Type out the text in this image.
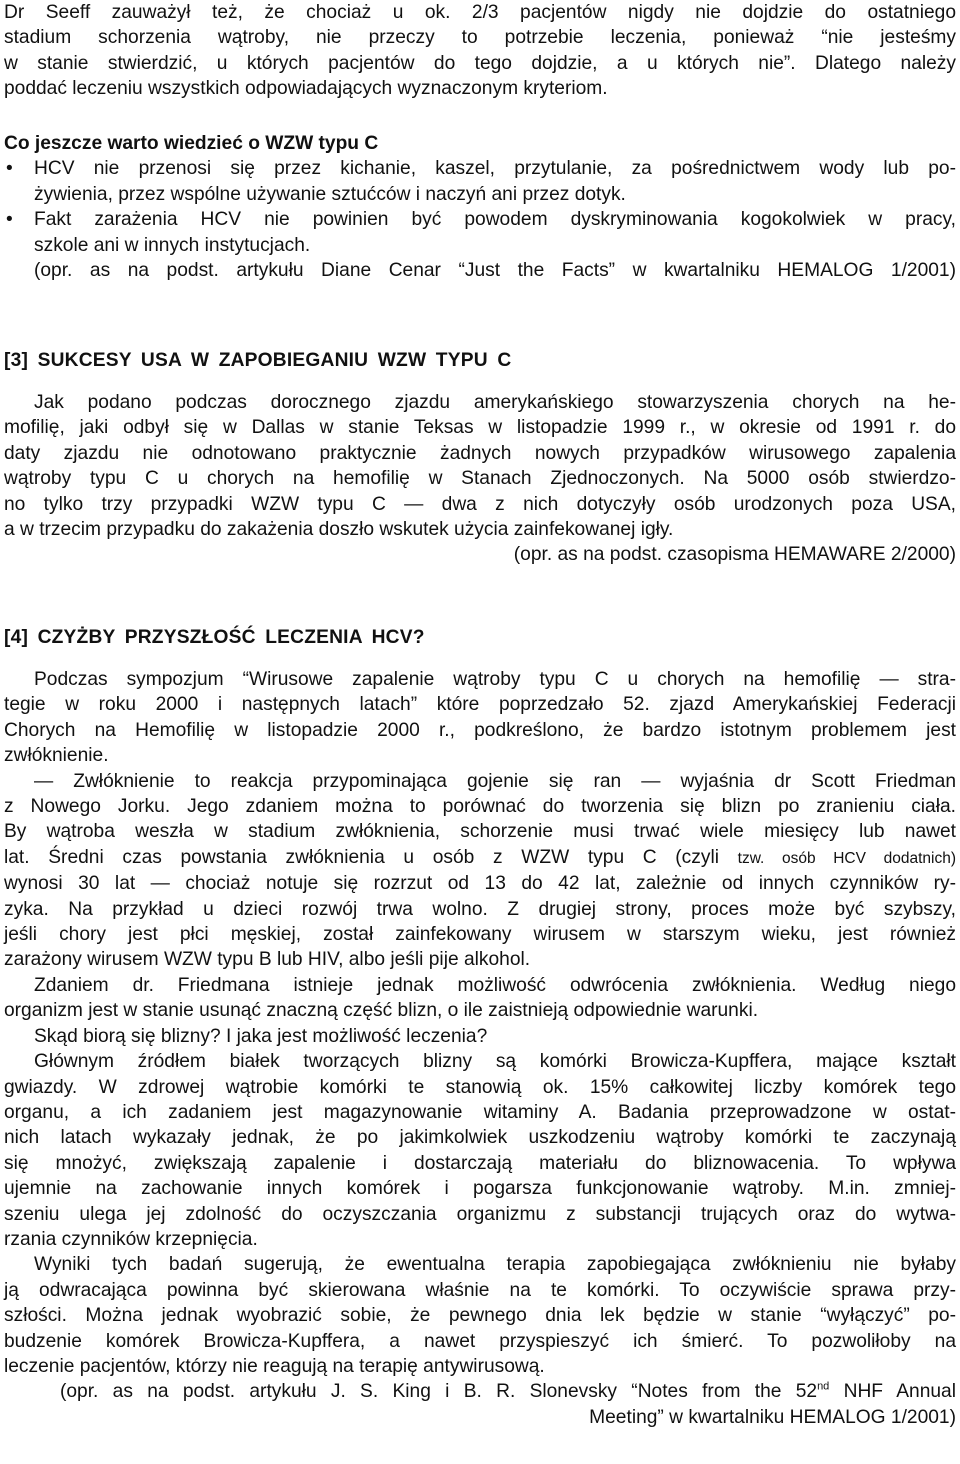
Dr Seeff zauważył też, że chociaż u ok. 2/3 pacjentów nigdy nie dojdzie do ostatniego

stadium schorzenia wątroby, nie przeczy to potrzebie leczenia, ponieważ “nie jesteśmy

w stanie stwierdzić, u których pacjentów do tego dojdzie, a u których nie”. Dlatego należy

poddać leczeniu wszystkich odpowiadających wyznaczonym kryteriom.

Co jeszcze warto wiedzieć o WZW typu C

• HCV nie przenosi się przez kichanie, kaszel, przytulanie, za pośrednictwem wody lub po-

żywienia, przez wspólne używanie sztućców i naczyń ani przez dotyk.

• Fakt zarażenia HCV nie powinien być powodem dyskryminowania kogokolwiek w pracy,

szkole ani w innych instytucjach.

(opr. as na podst. artykułu Diane Cenar “Just the Facts” w kwartalniku HEMALOG 1/2001)

[3] SUKCESY USA W ZAPOBIEGANIU WZW TYPU C

Jak podano podczas dorocznego zjazdu amerykańskiego stowarzyszenia chorych na he-

mofilię, jaki odbył się w Dallas w stanie Teksas w listopadzie 1999 r., w okresie od 1991 r. do

daty zjazdu nie odnotowano praktycznie żadnych nowych przypadków wirusowego zapalenia

wątroby typu C u chorych na hemofilię w Stanach Zjednoczonych. Na 5000 osób stwierdzo-

no tylko trzy przypadki WZW typu C — dwa z nich dotyczyły osób urodzonych poza USA,

a w trzecim przypadku do zakażenia doszło wskutek użycia zainfekowanej igły.

(opr. as na podst. czasopisma HEMAWARE 2/2000)

[4] CZYŻBY PRZYSZŁOŚĆ LECZENIA HCV?

Podczas sympozjum “Wirusowe zapalenie wątroby typu C u chorych na hemofilię — stra-

tegie w roku 2000 i następnych latach” które poprzedzało 52. zjazd Amerykańskiej Federacji

Chorych na Hemofilię w listopadzie 2000 r., podkreślono, że bardzo istotnym problemem jest

zwłóknienie.

— Zwłóknienie to reakcja przypominająca gojenie się ran — wyjaśnia dr Scott Friedman

z Nowego Jorku. Jego zdaniem można to porównać do tworzenia się blizn po zranieniu ciała.

By wątroba weszła w stadium zwłóknienia, schorzenie musi trwać wiele miesięcy lub nawet

lat. Średni czas powstania zwłóknienia u osób z WZW typu C (czyli tzw. osób HCV dodatnich)

wynosi 30 lat — chociaż notuje się rozrzut od 13 do 42 lat, zależnie od innych czynników ry-

zyka. Na przykład u dzieci rozwój trwa wolno. Z drugiej strony, proces może być szybszy,

jeśli chory jest płci męskiej, został zainfekowany wirusem w starszym wieku, jest również

zarażony wirusem WZW typu B lub HIV, albo jeśli pije alkohol.

Zdaniem dr. Friedmana istnieje jednak możliwość odwrócenia zwłóknienia. Według niego

organizm jest w stanie usunąć znaczną część blizn, o ile zaistnieją odpowiednie warunki.

Skąd biorą się blizny? I jaka jest możliwość leczenia?

Głównym źródłem białek tworzących blizny są komórki Browicza-Kupffera, mające kształt

gwiazdy. W zdrowej wątrobie komórki te stanowią ok. 15% całkowitej liczby komórek tego

organu, a ich zadaniem jest magazynowanie witaminy A. Badania przeprowadzone w ostat-

nich latach wykazały jednak, że po jakimkolwiek uszkodzeniu wątroby komórki te zaczynają

się mnożyć, zwiększają zapalenie i dostarczają materiału do bliznowacenia. To wpływa

ujemnie na zachowanie innych komórek i pogarsza funkcjonowanie wątroby. M.in. zmniej-

szeniu ulega jej zdolność do oczyszczania organizmu z substancji trujących oraz do wytwa-

rzania czynników krzepnięcia.

Wyniki tych badań sugerują, że ewentualna terapia zapobiegająca zwłóknieniu nie byłaby

ją odwracająca powinna być skierowana właśnie na te komórki. To oczywiście sprawa przy-

szłości. Można jednak wyobrazić sobie, że pewnego dnia lek będzie w stanie “wyłączyć” po-

budzenie komórek Browicza-Kupffera, a nawet przyspieszyć ich śmierć. To pozwoliłoby na

leczenie pacjentów, którzy nie reagują na terapię antywirusową.

(opr. as na podst. artykułu J. S. King i B. R. Slonevsky “Notes from the 52nd NHF Annual

Meeting” w kwartalniku HEMALOG 1/2001)
